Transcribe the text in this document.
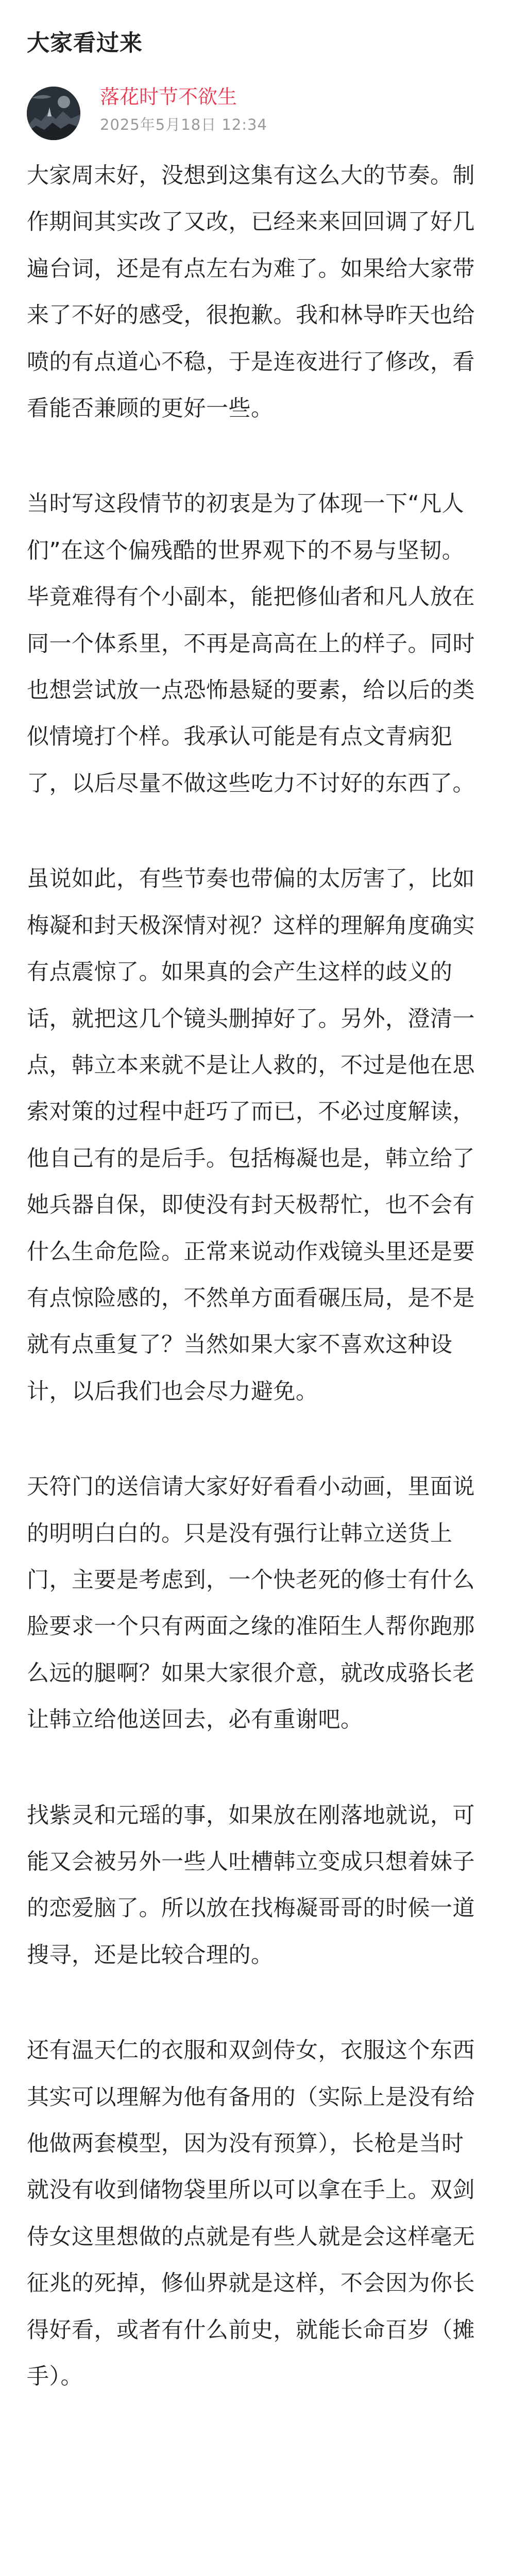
大家看过来
落花时节不欲生
2025年5月18日 12:34

大家周末好，没想到这集有这么大的节奏。制作期间其实改了又改，已经来来回回调了好几遍台词，还是有点左右为难了。如果给大家带来了不好的感受，很抱歉。我和林导昨天也给喷的有点道心不稳，于是连夜进行了修改，看看能否兼顾的更好一些。

当时写这段情节的初衷是为了体现一下“凡人们”在这个偏残酷的世界观下的不易与坚韧。毕竟难得有个小副本，能把修仙者和凡人放在同一个体系里，不再是高高在上的样子。同时也想尝试放一点恐怖悬疑的要素，给以后的类似情境打个样。我承认可能是有点文青病犯了，以后尽量不做这些吃力不讨好的东西了。

虽说如此，有些节奏也带偏的太厉害了，比如梅凝和封天极深情对视？这样的理解角度确实有点震惊了。如果真的会产生这样的歧义的话，就把这几个镜头删掉好了。另外，澄清一点，韩立本来就不是让人救的，不过是他在思索对策的过程中赶巧了而已，不必过度解读，他自己有的是后手。包括梅凝也是，韩立给了她兵器自保，即使没有封天极帮忙，也不会有什么生命危险。正常来说动作戏镜头里还是要有点惊险感的，不然单方面看碾压局，是不是就有点重复了？当然如果大家不喜欢这种设计，以后我们也会尽力避免。

天符门的送信请大家好好看看小动画，里面说的明明白白的。只是没有强行让韩立送货上门，主要是考虑到，一个快老死的修士有什么脸要求一个只有两面之缘的准陌生人帮你跑那么远的腿啊？如果大家很介意，就改成骆长老让韩立给他送回去，必有重谢吧。

找紫灵和元瑶的事，如果放在刚落地就说，可能又会被另外一些人吐槽韩立变成只想着妹子的恋爱脑了。所以放在找梅凝哥哥的时候一道搜寻，还是比较合理的。

还有温天仁的衣服和双剑侍女，衣服这个东西其实可以理解为他有备用的（实际上是没有给他做两套模型，因为没有预算），长枪是当时就没有收到储物袋里所以可以拿在手上。双剑侍女这里想做的点就是有些人就是会这样毫无征兆的死掉，修仙界就是这样，不会因为你长得好看，或者有什么前史，就能长命百岁（摊手）。
